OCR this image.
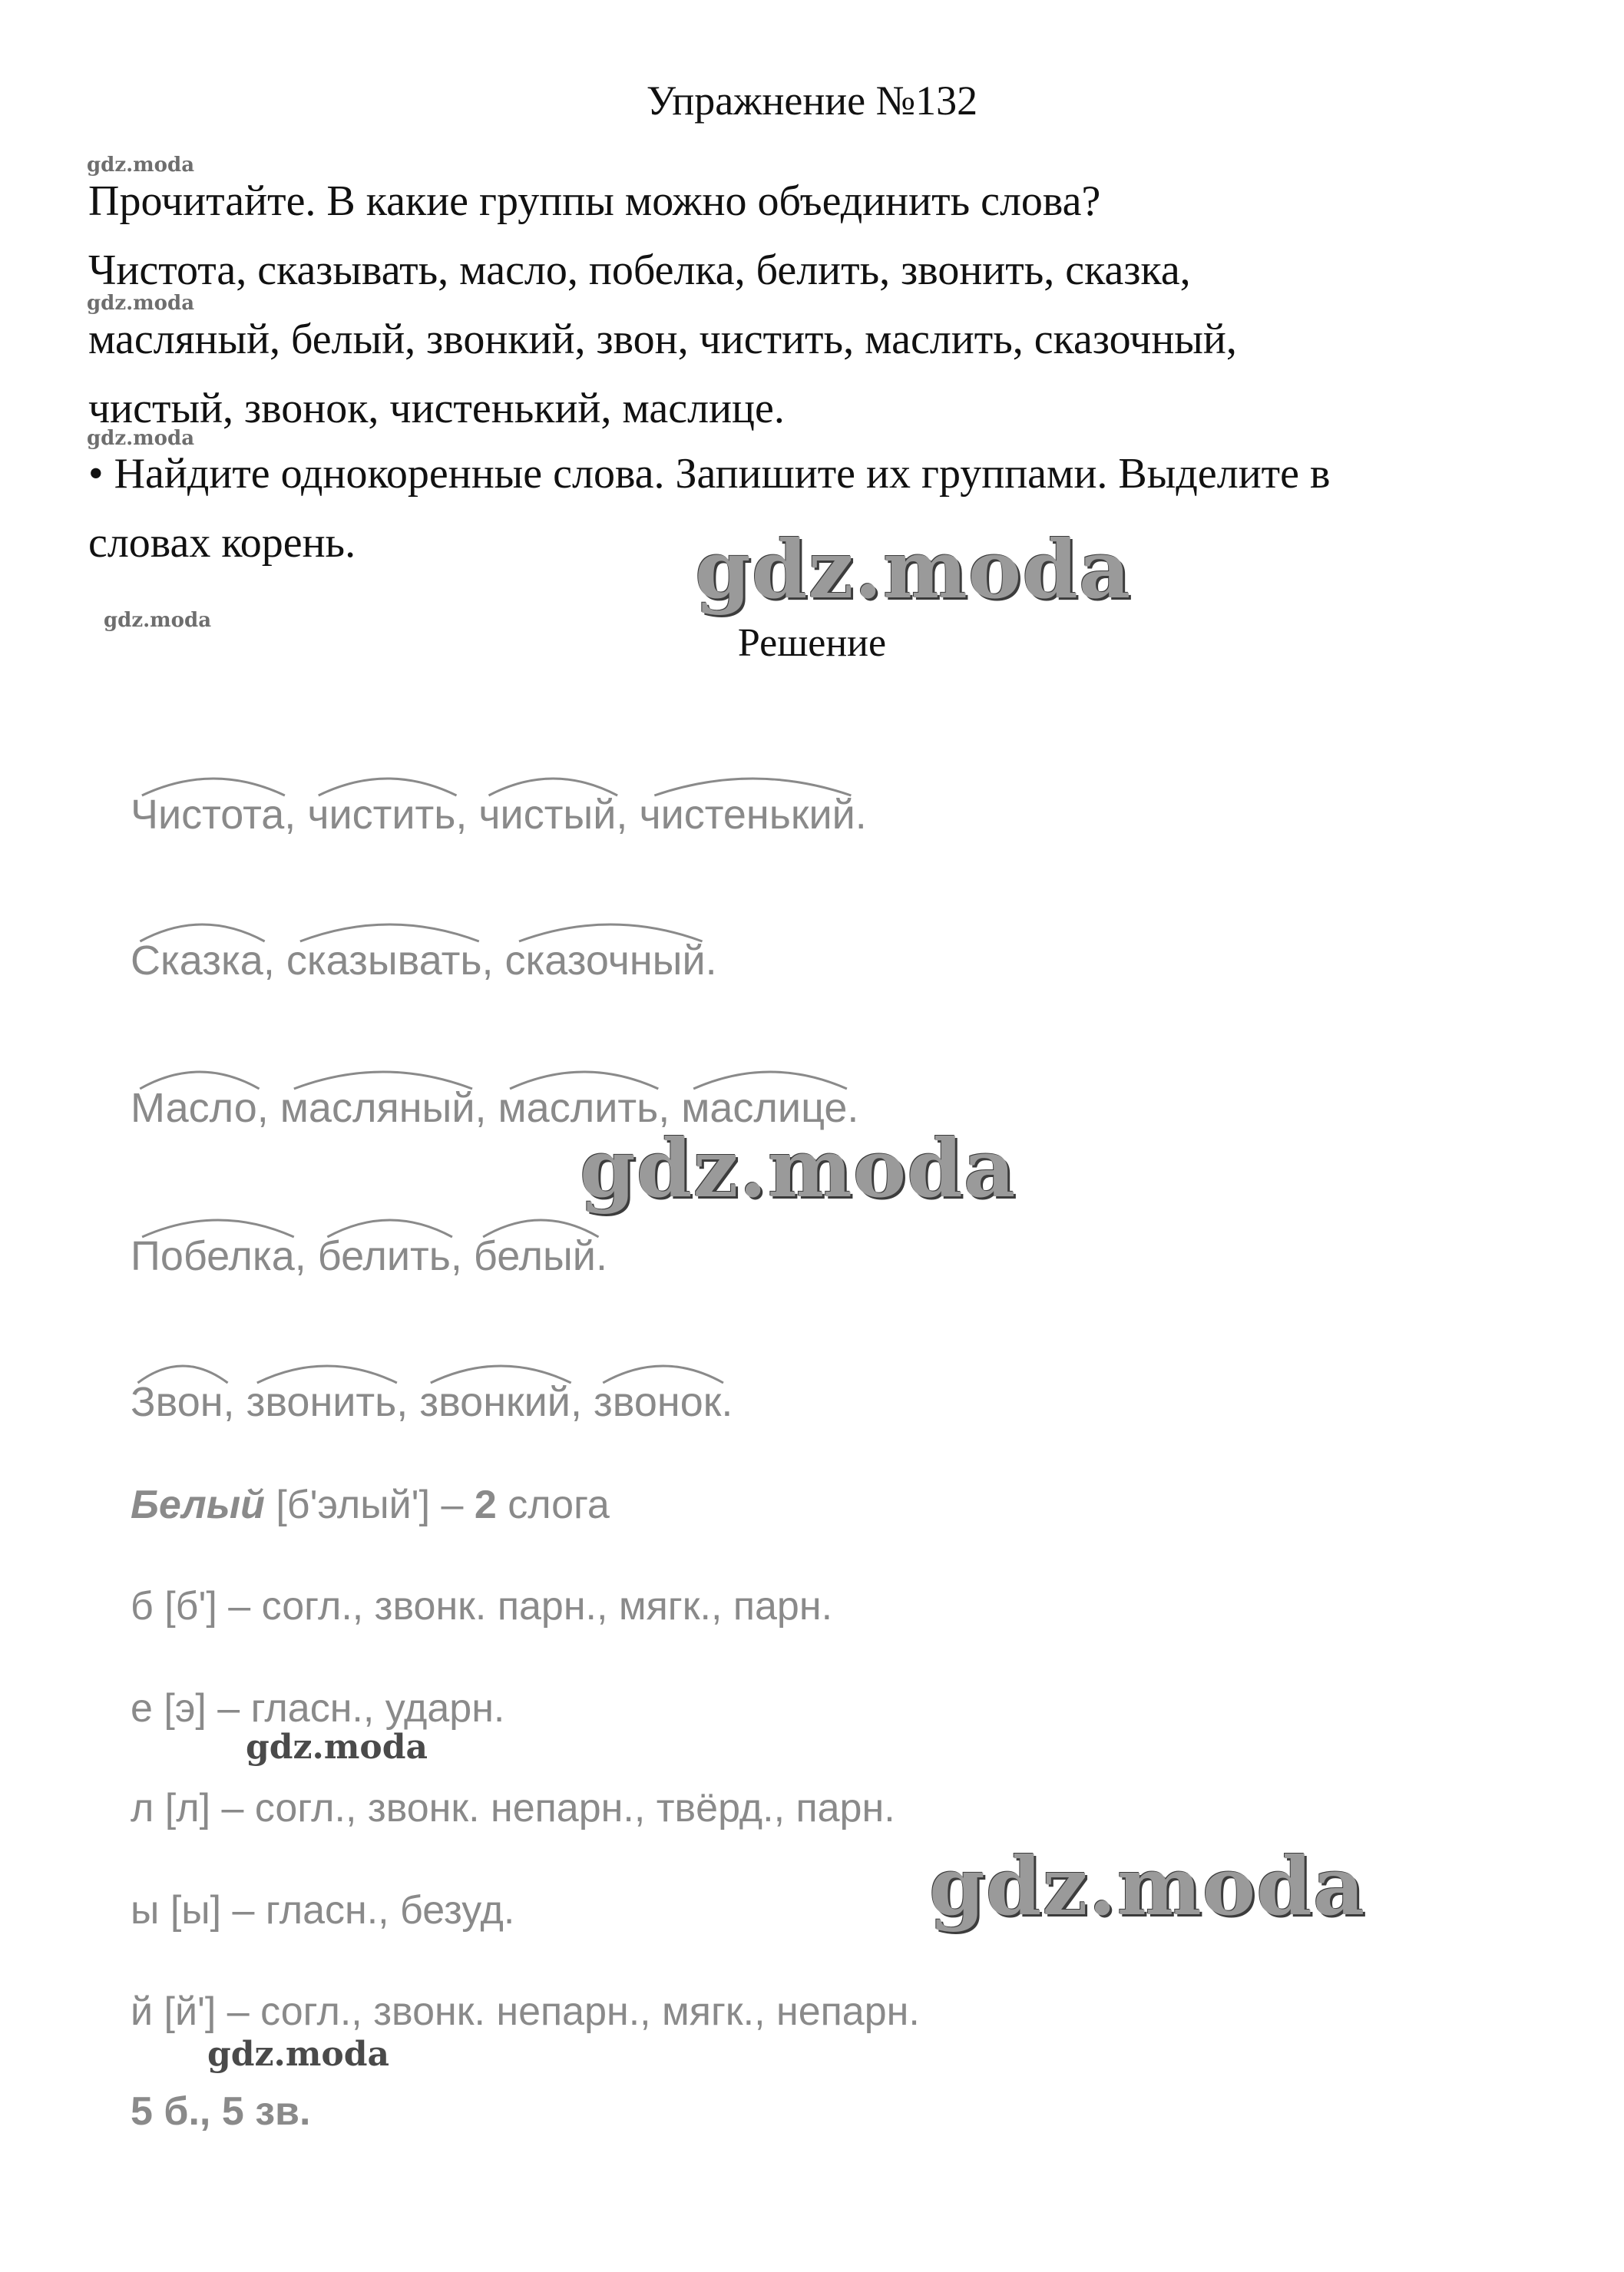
Упражнение №132
gdz.moda
Прочитайте. В какие группы можно объединить слова?
Чистота, сказывать, масло, побелка, белить, звонить, сказка,
gdz.moda
масляный, белый, звонкий, звон, чистить, маслить, сказочный,
чистый, звонок, чистенький, маслице.
gdz.moda
• Найдите однокоренные слова. Запишите их группами. Выделите в
словах корень.	gdz.moda
gdz.moda
Решение
Чистота, чистить, чистый, чистенький.
Сказка, сказывать, сказочный.
Масло, масляный, маслить, маслице.
gdz.moda
Побелка, белить, белый.
Звон, звонить, звонкий, звонок.
Белый [б'элый'] – 2 слога
б [б'] – согл., звонк. парн., мягк., парн.
е [э] – гласн., ударн.
gdz.moda
л [л] – согл., звонк. непарн., твёрд., парн.
gdz.moda
ы [ы] – гласн., безуд.
й [й'] – согл., звонк. непарн., мягк., непарн.
gdz.moda
5 б., 5 зв.
